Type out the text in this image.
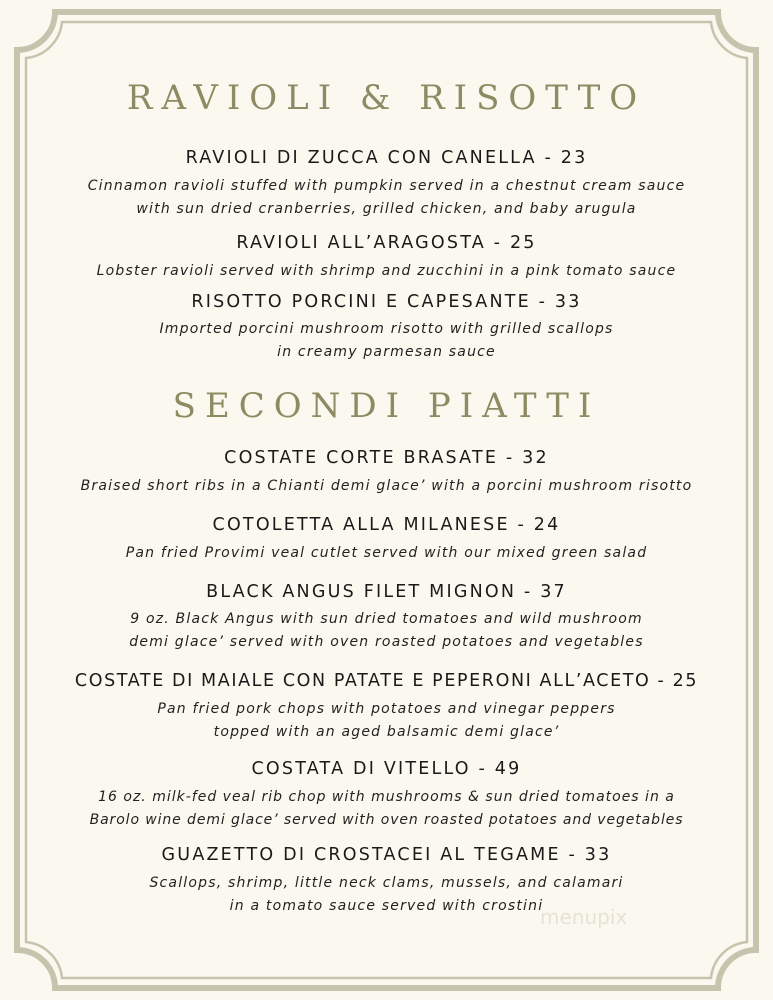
RAVIOLI & RISOTTO
RAVIOLI DI ZUCCA CON CANELLA - 23
Cinnamon ravioli stuffed with pumpkin served in a chestnut cream sauce
with sun dried cranberries, grilled chicken, and baby arugula
RAVIOLI ALL’ARAGOSTA - 25
Lobster ravioli served with shrimp and zucchini in a pink tomato sauce
RISOTTO PORCINI E CAPESANTE - 33
Imported porcini mushroom risotto with grilled scallops
in creamy parmesan sauce
SECONDI PIATTI
COSTATE CORTE BRASATE - 32
Braised short ribs in a Chianti demi glace’ with a porcini mushroom risotto
COTOLETTA ALLA MILANESE - 24
Pan fried Provimi veal cutlet served with our mixed green salad
BLACK ANGUS FILET MIGNON - 37
9 oz. Black Angus with sun dried tomatoes and wild mushroom
demi glace’ served with oven roasted potatoes and vegetables
COSTATE DI MAIALE CON PATATE E PEPERONI ALL’ACETO - 25
Pan fried pork chops with potatoes and vinegar peppers
topped with an aged balsamic demi glace’
COSTATA DI VITELLO - 49
16 oz. milk-fed veal rib chop with mushrooms & sun dried tomatoes in a
Barolo wine demi glace’ served with oven roasted potatoes and vegetables
GUAZETTO DI CROSTACEI AL TEGAME - 33
Scallops, shrimp, little neck clams, mussels, and calamari
in a tomato sauce served with crostini
menupix
